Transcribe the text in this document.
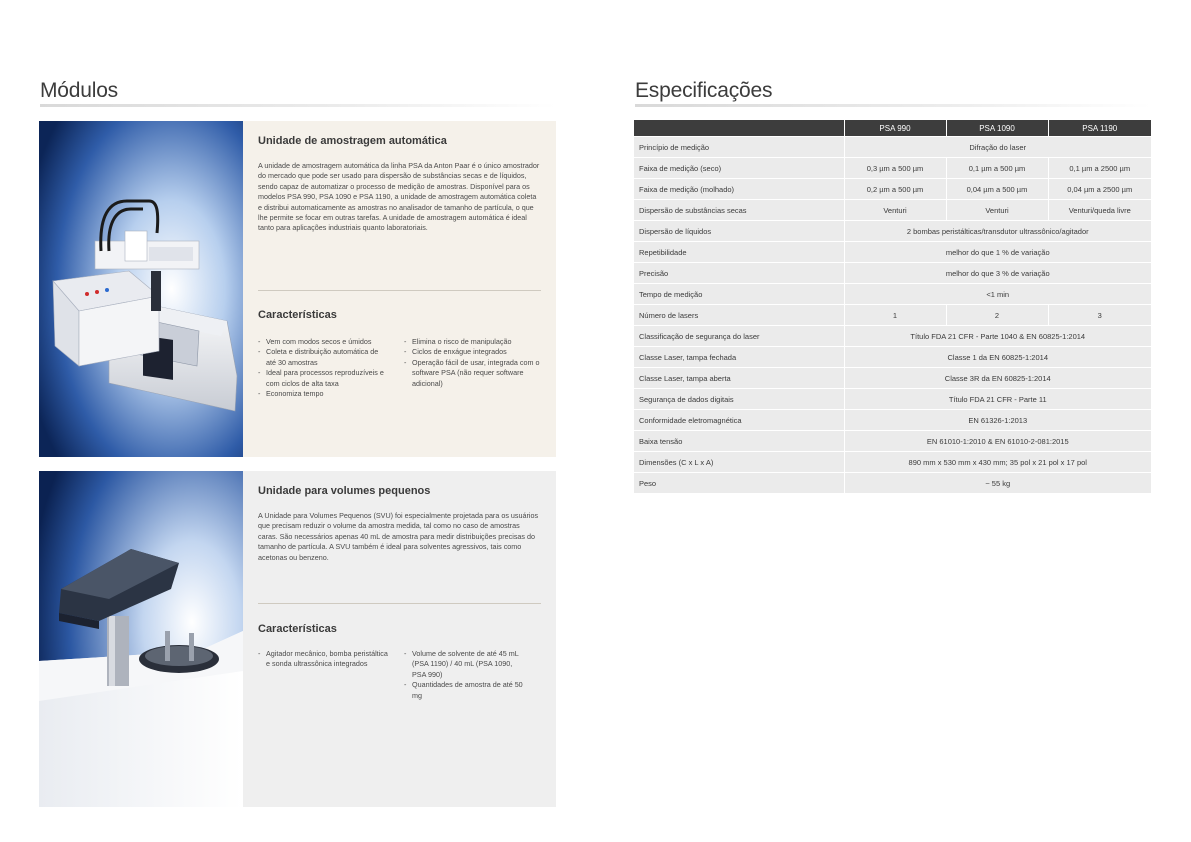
Módulos
Unidade de amostragem automática

A unidade de amostragem automática da linha PSA da Anton Paar é o único amostrador do mercado que pode ser usado para dispersão de substâncias secas e de líquidos, sendo capaz de automatizar o processo de medição de amostras. Disponível para os modelos PSA 990, PSA 1090 e PSA 1190, a unidade de amostragem automática coleta e distribui automaticamente as amostras no analisador de tamanho de partícula, o que lhe permite se focar em outras tarefas. A unidade de amostragem automática é ideal tanto para aplicações industriais quanto laboratoriais.

Características
- Vem com modos secos e úmidos
- Coleta e distribuição automática de até 30 amostras
- Ideal para processos reproduzíveis e com ciclos de alta taxa
- Economiza tempo
- Elimina o risco de manipulação
- Ciclos de enxágue integrados
- Operação fácil de usar, integrada com o software PSA (não requer software adicional)
Unidade para volumes pequenos

A Unidade para Volumes Pequenos (SVU) foi especialmente projetada para os usuários que precisam reduzir o volume da amostra medida, tal como no caso de amostras caras. São necessários apenas 40 mL de amostra para medir distribuições precisas do tamanho de partícula. A SVU também é ideal para solventes agressivos, tais como acetonas ou benzeno.

Características
- Agitador mecânico, bomba peristáltica e sonda ultrassônica integrados
- Volume de solvente de até 45 mL (PSA 1190) / 40 mL (PSA 1090, PSA 990)
- Quantidades de amostra de até 50 mg
Especificações
	PSA 990	PSA 1090	PSA 1190
Princípio de medição	Difração do laser		
Faixa de medição (seco)	0,3 µm a 500 µm	0,1 µm a 500 µm	0,1 µm a 2500 µm
Faixa de medição (molhado)	0,2 µm a 500 µm	0,04 µm a 500 µm	0,04 µm a 2500 µm
Dispersão de substâncias secas	Venturi	Venturi	Venturi/queda livre
Dispersão de líquidos	2 bombas peristálticas/transdutor ultrassônico/agitador		
Repetibilidade	melhor do que 1 % de variação		
Precisão	melhor do que 3 % de variação		
Tempo de medição	<1 min		
Número de lasers	1	2	3
Classificação de segurança do laser	Título FDA 21 CFR - Parte 1040 & EN 60825-1:2014		
Classe Laser, tampa fechada	Classe 1 da EN 60825-1:2014		
Classe Laser, tampa aberta	Classe 3R da EN 60825-1:2014		
Segurança de dados digitais	Título FDA 21 CFR - Parte 11		
Conformidade eletromagnética	EN 61326-1:2013		
Baixa tensão	EN 61010-1:2010 & EN 61010-2-081:2015		
Dimensões (C x L x A)	890 mm x 530 mm x 430 mm; 35 pol x 21 pol x 17 pol		
Peso	~ 55 kg		
